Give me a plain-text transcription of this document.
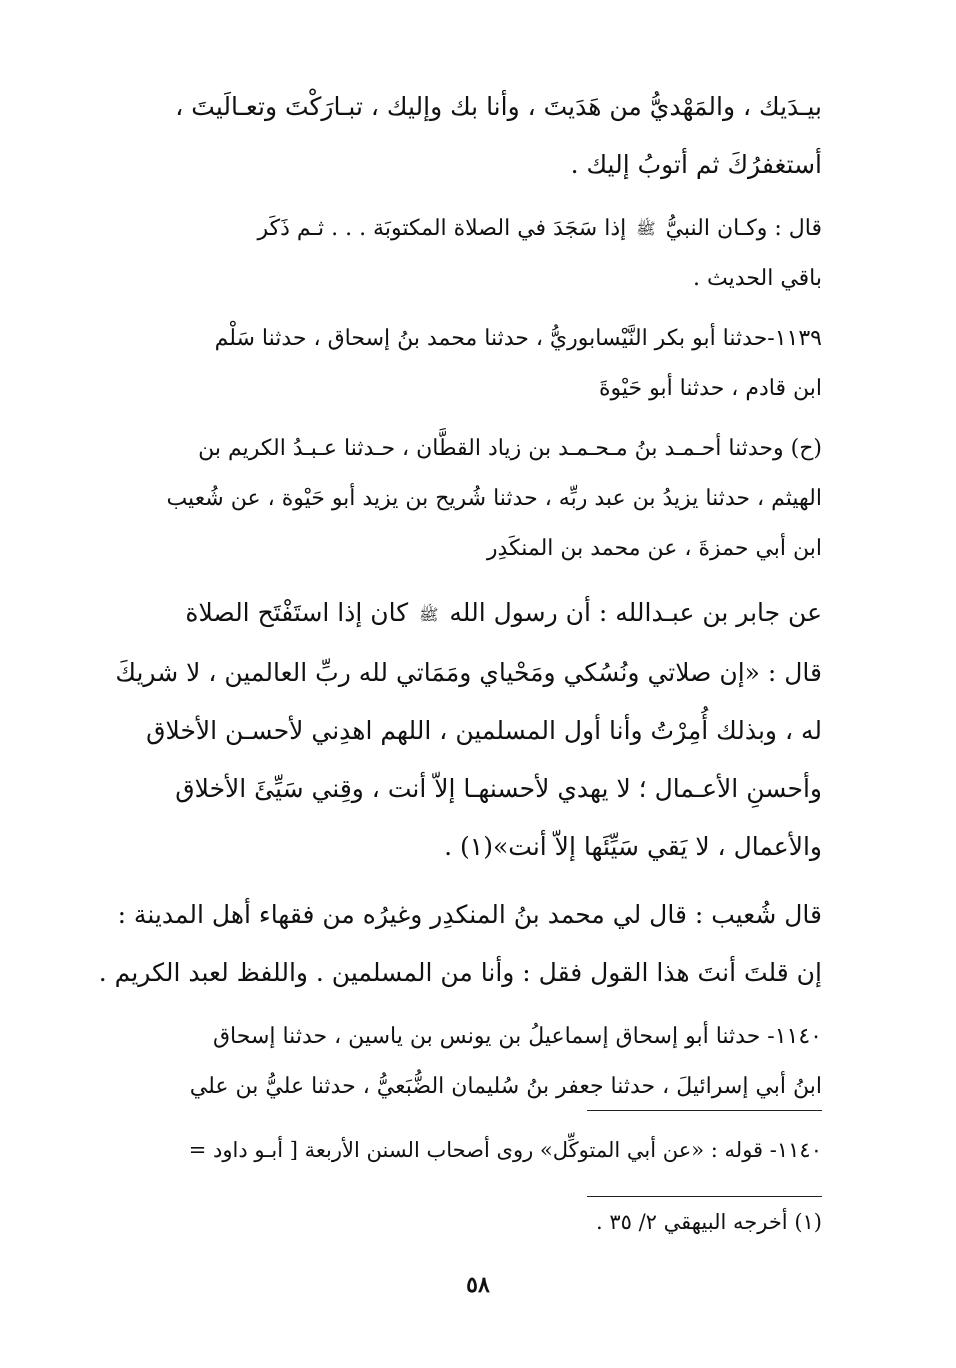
بيـدَيك ، والمَهْديُّ من هَدَيتَ ، وأنا بك وإليك ، تبـارَكْتَ وتعـالَيتَ ،
أستغفرُكَ ثم أتوبُ إليك .
قال : وكـان النبيُّ ﷺ إذا سَجَدَ في الصلاة المكتوبَة . . . ثـم ذَكَر
باقي الحديث .
١١٣٩-حدثنا أبو بكر النَّيْسابوريُّ ، حدثنا محمد بنُ إسحاق ، حدثنا سَلْم
ابن قادم ، حدثنا أبو حَيْوةَ
(ح) وحدثنا أحـمـد بنُ مـحـمـد بن زياد القطَّان ، حـدثنا عـبـدُ الكريم بن
الهيثم ، حدثنا يزيدُ بن عبد ربِّه ، حدثنا شُريح بن يزيد أبو حَيْوة ، عن شُعيب
ابن أبي حمزةَ ، عن محمد بن المنكَدِر
عن جابر بن عبـدالله : أن رسول الله ﷺ كان إذا استَفْتَح الصلاة
قال : «إن صلاتي ونُسُكي ومَحْياي ومَمَاتي لله ربِّ العالمين ، لا شريكَ
له ، وبذلك أُمِرْتُ وأنا أول المسلمين ، اللهم اهدِني لأحسـن الأخلاق
وأحسنِ الأعـمال ؛ لا يهدي لأحسنهـا إلاّ أنت ، وقِني سَيِّئَ الأخلاق
والأعمال ، لا يَقي سَيِّئَها إلاّ أنت»(١) .
قال شُعيب : قال لي محمد بنُ المنكدِر وغيرُه من فقهاء أهل المدينة :
إن قلتَ أنتَ هذا القول فقل : وأنا من المسلمين . واللفظ لعبد الكريم .
١١٤٠- حدثنا أبو إسحاق إسماعيلُ بن يونس بن ياسين ، حدثنا إسحاق
ابنُ أبي إسرائيلَ ، حدثنا جعفر بنُ سُليمان الضُّبَعيُّ ، حدثنا عليُّ بن علي
١١٤٠- قوله : «عن أبي المتوكِّل» روى أصحاب السنن الأربعة [ أبـو داود =
(١) أخرجه البيهقي ٢/ ٣٥ .
٥٨
